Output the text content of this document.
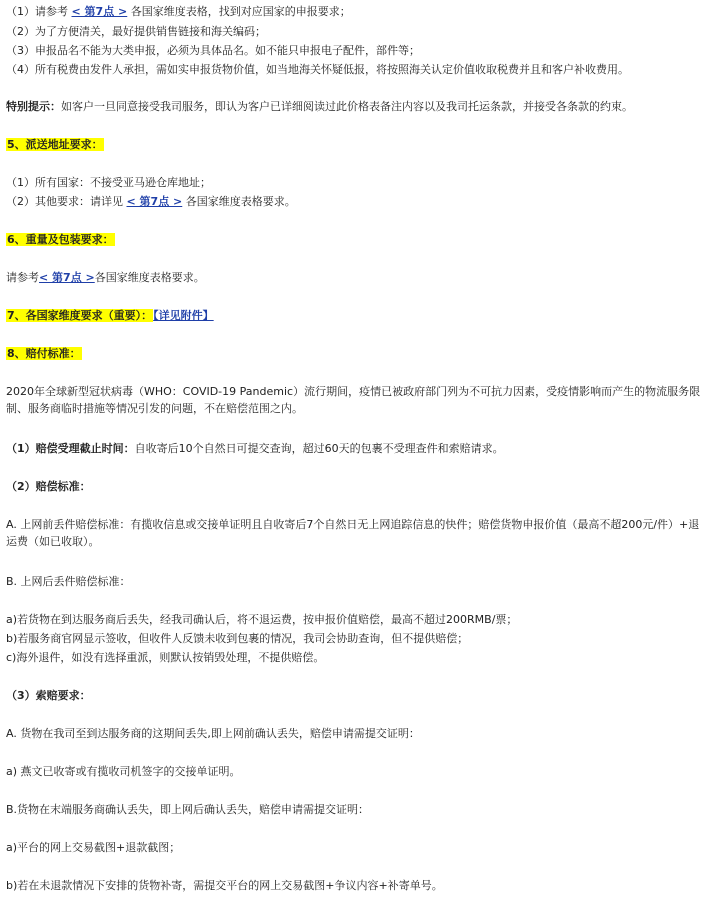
（1）请参考 < 第7点 > 各国家维度表格，找到对应国家的申报要求；
（2）为了方便清关，最好提供销售链接和海关编码；
（3）申报品名不能为大类申报，必须为具体品名。如不能只申报电子配件，部件等；
（4）所有税费由发件人承担，需如实申报货物价值，如当地海关怀疑低报，将按照海关认定价值收取税费并且和客户补收费用。
特别提示：如客户一旦同意接受我司服务，即认为客户已详细阅读过此价格表备注内容以及我司托运条款，并接受各条款的约束。
5、派送地址要求：
（1）所有国家：不接受亚马逊仓库地址；
（2）其他要求：请详见 < 第7点 > 各国家维度表格要求。
6、重量及包装要求：
请参考< 第7点 >各国家维度表格要求。
7、各国家维度要求（重要）：【详见附件】
8、赔付标准：
2020年全球新型冠状病毒（WHO：COVID-19 Pandemic）流行期间，疫情已被政府部门列为不可抗力因素，受疫情影响而产生的物流服务限制、服务商临时措施等情况引发的问题，不在赔偿范围之内。
（1）赔偿受理截止时间：自收寄后10个自然日可提交查询，超过60天的包裹不受理查件和索赔请求。
（2）赔偿标准：
A. 上网前丢件赔偿标准：有揽收信息或交接单证明且自收寄后7个自然日无上网追踪信息的快件；赔偿货物申报价值（最高不超200元/件）+退运费（如已收取）。
B. 上网后丢件赔偿标准：
a)若货物在到达服务商后丢失，经我司确认后，将不退运费，按申报价值赔偿，最高不超过200RMB/票；
b)若服务商官网显示签收，但收件人反馈未收到包裹的情况，我司会协助查询，但不提供赔偿；
c)海外退件，如没有选择重派，则默认按销毁处理，不提供赔偿。
（3）索赔要求：
A. 货物在我司至到达服务商的这期间丢失,即上网前确认丢失，赔偿申请需提交证明：
a) 燕文已收寄或有揽收司机签字的交接单证明。
B.货物在末端服务商确认丢失，即上网后确认丢失，赔偿申请需提交证明：
a)平台的网上交易截图+退款截图；
b)若在未退款情况下安排的货物补寄，需提交平台的网上交易截图+争议内容+补寄单号。
